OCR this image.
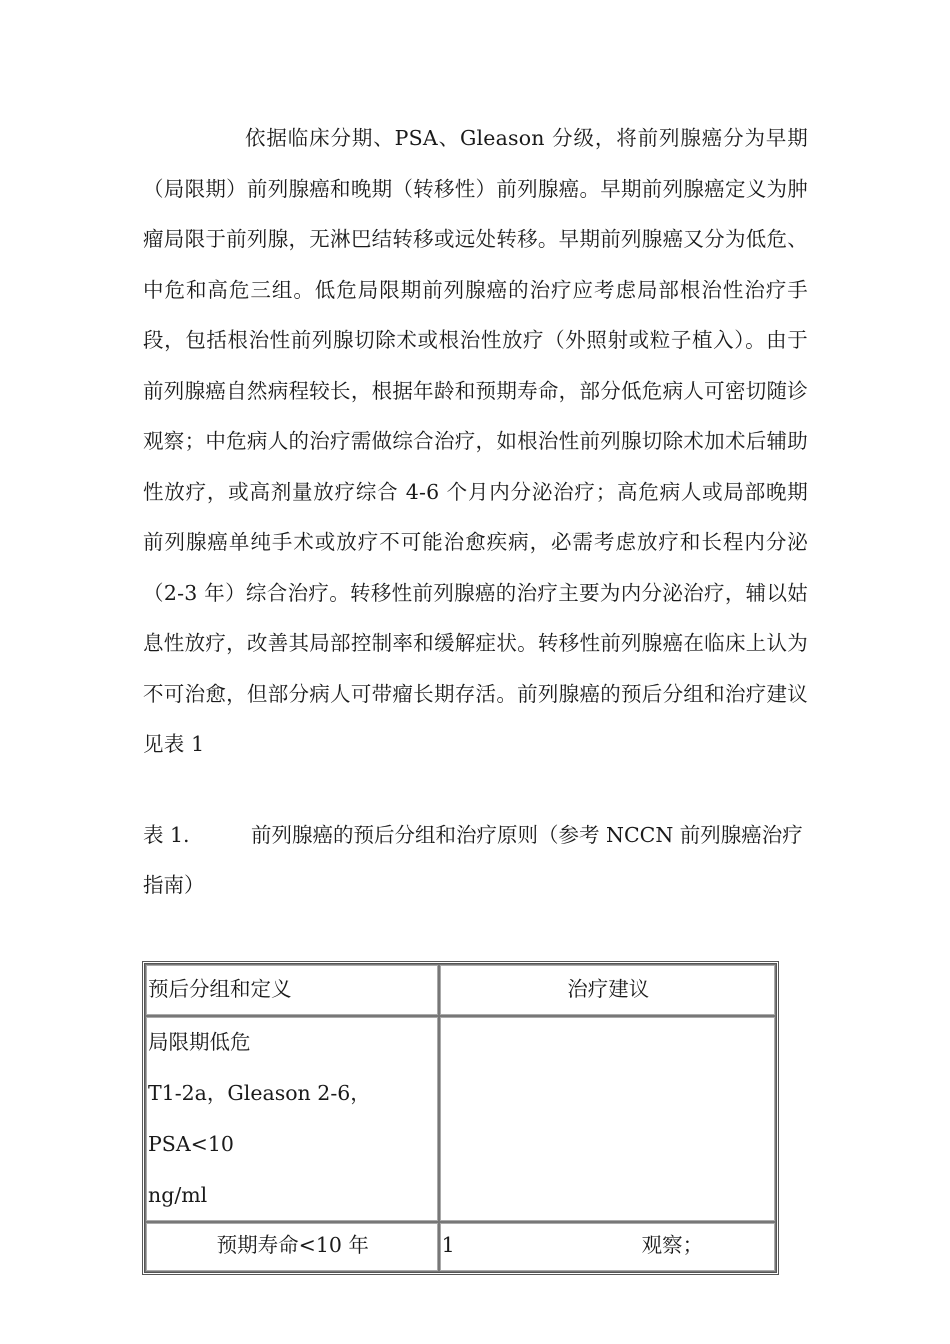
依据临床分期、PSA、Gleason 分级，将前列腺癌分为早期（局限期）前列腺癌和晚期（转移性）前列腺癌。早期前列腺癌定义为肿瘤局限于前列腺，无淋巴结转移或远处转移。早期前列腺癌又分为低危、中危和高危三组。低危局限期前列腺癌的治疗应考虑局部根治性治疗手段，包括根治性前列腺切除术或根治性放疗（外照射或粒子植入）。由于前列腺癌自然病程较长，根据年龄和预期寿命，部分低危病人可密切随诊观察；中危病人的治疗需做综合治疗，如根治性前列腺切除术加术后辅助性放疗，或高剂量放疗综合 4-6 个月内分泌治疗；高危病人或局部晚期前列腺癌单纯手术或放疗不可能治愈疾病，必需考虑放疗和长程内分泌（2-3 年）综合治疗。转移性前列腺癌的治疗主要为内分泌治疗，辅以姑息性放疗，改善其局部控制率和缓解症状。转移性前列腺癌在临床上认为不可治愈，但部分病人可带瘤长期存活。前列腺癌的预后分组和治疗建议见表 1

表 1.	前列腺癌的预后分组和治疗原则（参考 NCCN 前列腺癌治疗指南）

预后分组和定义	治疗建议

局限期低危
T1-2a，Gleason 2-6，PSA<10
ng/ml	

预期寿命<10 年	1 观察；
